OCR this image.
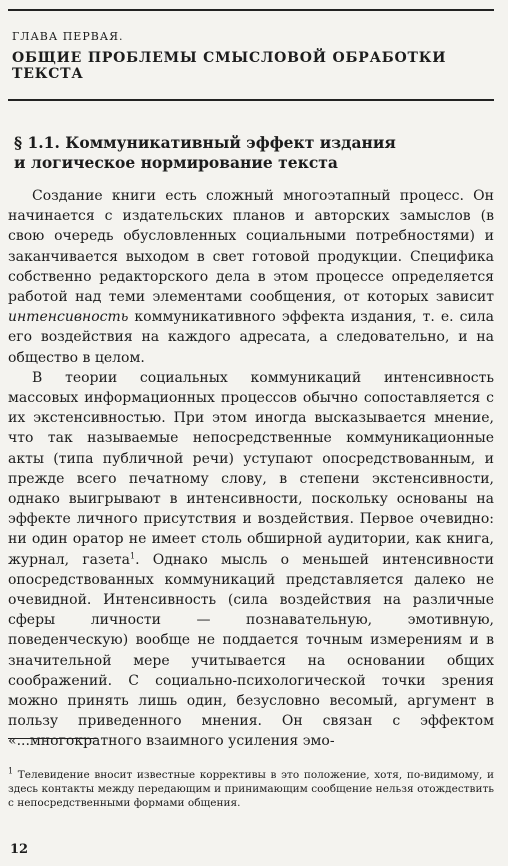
ГЛАВА ПЕРВАЯ.
ОБЩИЕ ПРОБЛЕМЫ СМЫСЛОВОЙ ОБРАБОТКИ ТЕКСТА
§ 1.1. Коммуникативный эффект издания
и логическое нормирование текста

Создание книги есть сложный многоэтапный процесс. Он начинается с издательских планов и авторских замыслов (в свою очередь обусловленных социальными потребностями) и заканчивается выходом в свет готовой продукции. Специфика собственно редакторского дела в этом процессе определяется работой над теми элементами сообщения, от которых зависит интенсивность коммуникативного эффекта издания, т. е. сила его воздействия на каждого адресата, а следовательно, и на общество в целом.

В теории социальных коммуникаций интенсивность массовых информационных процессов обычно сопоставляется с их экстенсивностью. При этом иногда высказывается мнение, что так называемые непосредственные коммуникационные акты (типа публичной речи) уступают опосредствованным, и прежде всего печатному слову, в степени экстенсивности, однако выигрывают в интенсивности, поскольку основаны на эффекте личного присутствия и воздействия. Первое очевидно: ни один оратор не имеет столь обширной аудитории, как книга, журнал, газета$^1$. Однако мысль о меньшей интенсивности опосредствованных коммуникаций представляется далеко не очевидной. Интенсивность (сила воздействия на различные сферы личности — познавательную, эмотивную, поведенческую) вообще не поддается точным измерениям и в значительной мере учитывается на основании общих соображений. С социально-психологической точки зрения можно принять лишь один, безусловно весомый, аргумент в пользу приведенного мнения. Он связан с эффектом «...многократного взаимного усиления эмо-

$^1$ Телевидение вносит известные коррективы в это положение, хотя, по-видимому, и здесь контакты между передающим и принимающим сообщение нельзя отождествить с непосредственными формами общения.
12
